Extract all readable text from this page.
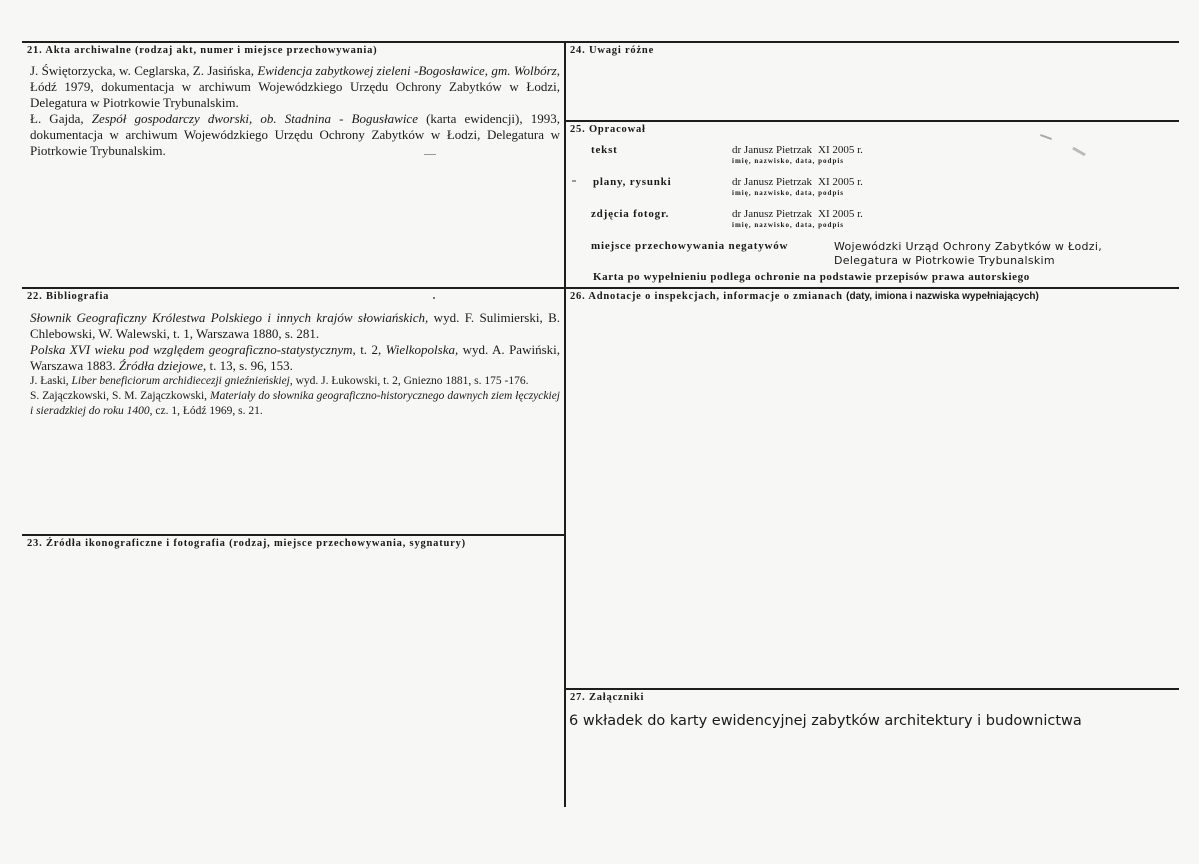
21. Akta archiwalne (rodzaj akt, numer i miejsce przechowywania)

J. Świętorzycka, w. Ceglarska, Z. Jasińska, Ewidencja zabytkowej zieleni -Bogosławice, gm. Wolbórz, Łódź 1979, dokumentacja w archiwum Wojewódzkiego Urzędu Ochrony Zabytków w Łodzi, Delegatura w Piotrkowie Trybunalskim.

Ł. Gajda, Zespół gospodarczy dworski, ob. Stadnina - Bogusławice (karta ewidencji), 1993, dokumentacja w archiwum Wojewódzkiego Urzędu Ochrony Zabytków w Łodzi, Delegatura w Piotrkowie Trybunalskim.

22. Bibliografia

Słownik Geograficzny Królestwa Polskiego i innych krajów słowiańskich, wyd. F. Sulimierski, B. Chlebowski, W. Walewski, t. 1, Warszawa 1880, s. 281.

Polska XVI wieku pod względem geograficzno-statystycznym, t. 2, Wielkopolska, wyd. A. Pawiński, Warszawa 1883. Źródła dziejowe, t. 13, s. 96, 153.

J. Łaski, Liber beneficiorum archidiecezji gnieźnieńskiej, wyd. J. Łukowski, t. 2, Gniezno 1881, s. 175 -176.

S. Zajączkowski, S. M. Zajączkowski, Materiały do słownika geograficzno-historycznego dawnych ziem łęczyckiej i sieradzkiej do roku 1400, cz. 1, Łódź 1969, s. 21.

23. Źródła ikonograficzne i fotografia (rodzaj, miejsce przechowywania, sygnatury)
24. Uwagi różne
25. Opracował
tekst	dr Janusz Pietrzak XI 2005 r.
imię, nazwisko, data, podpis
plany, rysunki	dr Janusz Pietrzak XI 2005 r.
imię, nazwisko, data, podpis
zdjęcia fotogr.	dr Janusz Pietrzak XI 2005 r.
imię, nazwisko, data, podpis
miejsce przechowywania negatywów	Wojewódzki Urząd Ochrony Zabytków w Łodzi,
Delegatura w Piotrkowie Trybunalskim
Karta po wypełnieniu podlega ochronie na podstawie przepisów prawa autorskiego
26. Adnotacje o inspekcjach, informacje o zmianach (daty, imiona i nazwiska wypełniających)
27. Załączniki
6 wkładek do karty ewidencyjnej zabytków architektury i budownictwa
